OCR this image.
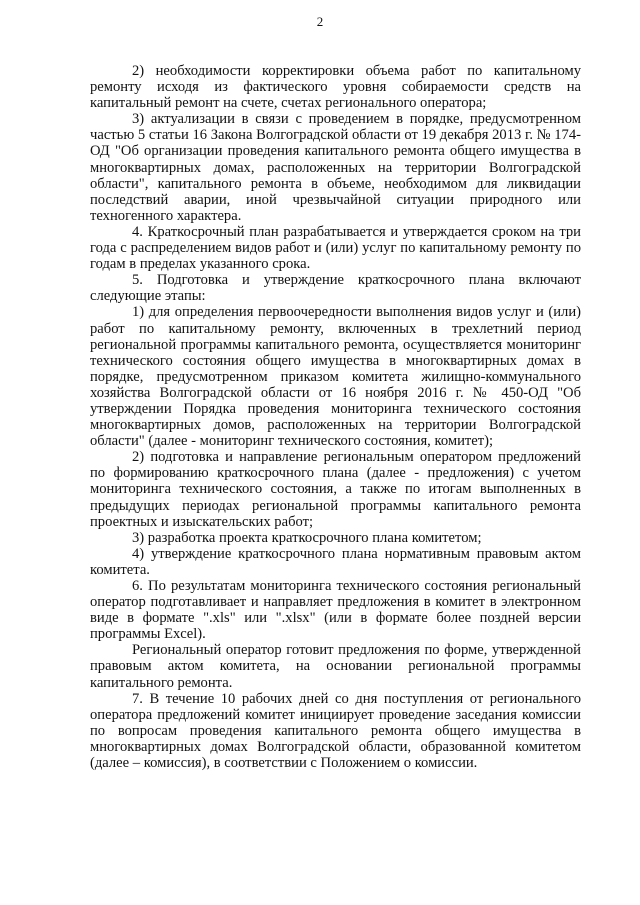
2

2) необходимости корректировки объема работ по капитальному ремонту исходя из фактического уровня собираемости средств на капитальный ремонт на счете, счетах регионального оператора;

3) актуализации в связи с проведением в порядке, предусмотренном частью 5 статьи 16 Закона Волгоградской области от 19 декабря 2013 г. № 174-ОД "Об организации проведения капитального ремонта общего имущества в многоквартирных домах, расположенных на территории Волгоградской области", капитального ремонта в объеме, необходимом для ликвидации последствий аварии, иной чрезвычайной ситуации природного или техногенного характера.

4. Краткосрочный план разрабатывается и утверждается сроком на три года с распределением видов работ и (или) услуг по капитальному ремонту по годам в пределах указанного срока.

5. Подготовка и утверждение краткосрочного плана включают следующие этапы:

1) для определения первоочередности выполнения видов услуг и (или) работ по капитальному ремонту, включенных в трехлетний период региональной программы капитального ремонта, осуществляется мониторинг технического состояния общего имущества в многоквартирных домах в порядке, предусмотренном приказом комитета жилищно-коммунального хозяйства Волгоградской области от 16 ноября 2016 г. № 450-ОД "Об утверждении Порядка проведения мониторинга технического состояния многоквартирных домов, расположенных на территории Волгоградской области" (далее - мониторинг технического состояния, комитет);

2) подготовка и направление региональным оператором предложений по формированию краткосрочного плана (далее - предложения) с учетом мониторинга технического состояния, а также по итогам выполненных в предыдущих периодах региональной программы капитального ремонта проектных и изыскательских работ;

3) разработка проекта краткосрочного плана комитетом;

4) утверждение краткосрочного плана нормативным правовым актом комитета.

6. По результатам мониторинга технического состояния региональный оператор подготавливает и направляет предложения в комитет в электронном виде в формате ".xls" или ".xlsx" (или в формате более поздней версии программы Excel).

Региональный оператор готовит предложения по форме, утвержденной правовым актом комитета, на основании региональной программы капитального ремонта.

7. В течение 10 рабочих дней со дня поступления от регионального оператора предложений комитет инициирует проведение заседания комиссии по вопросам проведения капитального ремонта общего имущества в многоквартирных домах Волгоградской области, образованной комитетом (далее – комиссия), в соответствии с Положением о комиссии.
